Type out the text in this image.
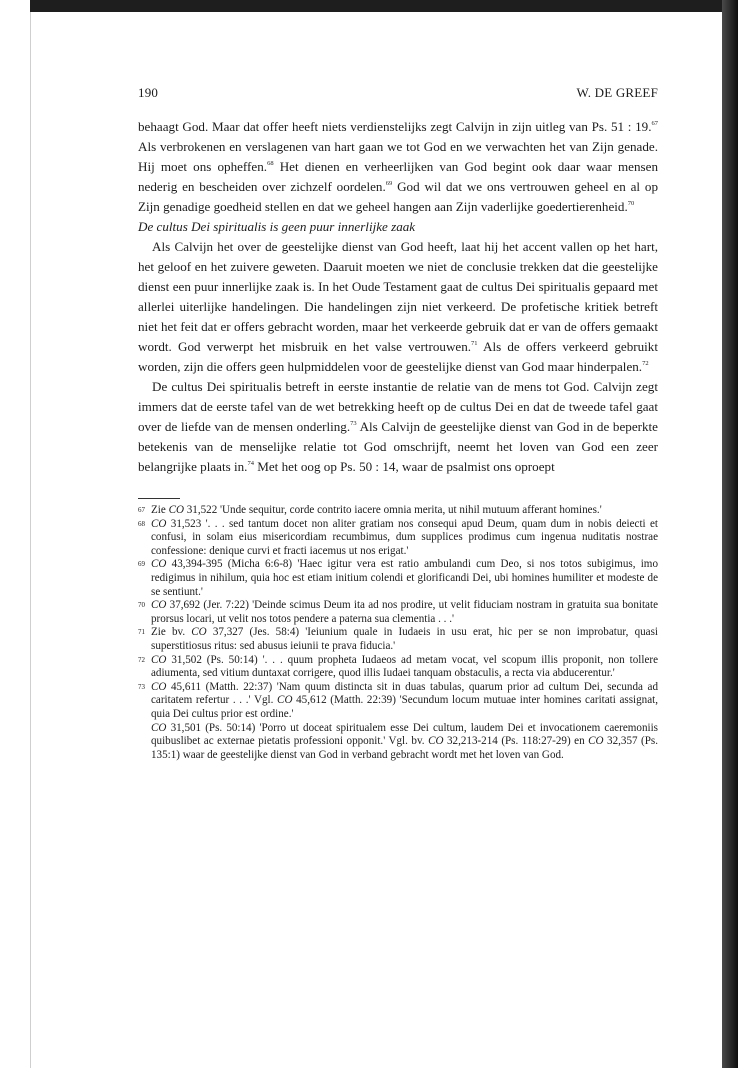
190	W. DE GREEF

behaagt God. Maar dat offer heeft niets verdienstelijks zegt Calvijn in zijn uitleg van Ps. 51 : 19.67 Als verbrokenen en verslagenen van hart gaan we tot God en we verwachten het van Zijn genade. Hij moet ons opheffen.$^{68}$ Het dienen en verheerlijken van God begint ook daar waar mensen nederig en bescheiden over zichzelf oordelen.$^{69}$ God wil dat we ons vertrouwen geheel en al op Zijn genadige goedheid stellen en dat we geheel hangen aan Zijn vaderlijke goedertierenheid.$^{70}$

De cultus Dei spiritualis is geen puur innerlijke zaak

Als Calvijn het over de geestelijke dienst van God heeft, laat hij het accent vallen op het hart, het geloof en het zuivere geweten. Daaruit moeten we niet de conclusie trekken dat die geestelijke dienst een puur innerlijke zaak is. In het Oude Testament gaat de cultus Dei spiritualis gepaard met allerlei uiterlijke handelingen. Die handelingen zijn niet verkeerd. De profetische kritiek betreft niet het feit dat er offers gebracht worden, maar het verkeerde gebruik dat er van de offers gemaakt wordt. God verwerpt het misbruik en het valse vertrouwen.$^{71}$ Als de offers verkeerd gebruikt worden, zijn die offers geen hulpmiddelen voor de geestelijke dienst van God maar hinderpalen.$^{72}$

De cultus Dei spiritualis betreft in eerste instantie de relatie van de mens tot God. Calvijn zegt immers dat de eerste tafel van de wet betrekking heeft op de cultus Dei en dat de tweede tafel gaat over de liefde van de mensen onderling.$^{73}$ Als Calvijn de geestelijke dienst van God in de beperkte betekenis van de menselijke relatie tot God omschrijft, neemt het loven van God een zeer belangrijke plaats in.$^{74}$ Met het oog op Ps. 50 : 14, waar de psalmist ons oproept

67 Zie CO 31,522 'Unde sequitur, corde contrito iacere omnia merita, ut nihil mutuum afferant homines.'
68 CO 31,523 '. . . sed tantum docet non aliter gratiam nos consequi apud Deum, quam dum in nobis deiecti et confusi, in solam eius misericordiam recumbimus, dum supplices prodimus cum ingenua nuditatis nostrae confessione: denique curvi et fracti iacemus ut nos erigat.'
69 CO 43,394-395 (Micha 6:6-8) 'Haec igitur vera est ratio ambulandi cum Deo, si nos totos subigimus, imo redigimus in nihilum, quia hoc est etiam initium colendi et glorificandi Dei, ubi homines humiliter et modeste de se sentiunt.'
70 CO 37,692 (Jer. 7:22) 'Deinde scimus Deum ita ad nos prodire, ut velit fiduciam nostram in gratuita sua bonitate prorsus locari, ut velit nos totos pendere a paterna sua clementia . . .'
71 Zie bv. CO 37,327 (Jes. 58:4) 'Ieiunium quale in Iudaeis in usu erat, hic per se non improbatur, quasi superstitiosus ritus: sed abusus ieiunii te prava fiducia.'
72 CO 31,502 (Ps. 50:14) '. . . quum propheta Iudaeos ad metam vocat, vel scopum illis proponit, non tollere adiumenta, sed vitium duntaxat corrigere, quod illis Iudaei tanquam obstaculis, a recta via abducerentur.'
73 CO 45,611 (Matth. 22:37) 'Nam quum distincta sit in duas tabulas, quarum prior ad cultum Dei, secunda ad caritatem refertur . . .' Vgl. CO 45,612 (Matth. 22:39) 'Secundum locum mutuae inter homines caritati assignat, quia Dei cultus prior est ordine.'
CO 31,501 (Ps. 50:14) 'Porro ut doceat spiritualem esse Dei cultum, laudem Dei et invocationem caeremoniis quibuslibet ac externae pietatis professioni opponit.' Vgl. bv. CO 32,213-214 (Ps. 118:27-29) en CO 32,357 (Ps. 135:1) waar de geestelijke dienst van God in verband gebracht wordt met het loven van God.
